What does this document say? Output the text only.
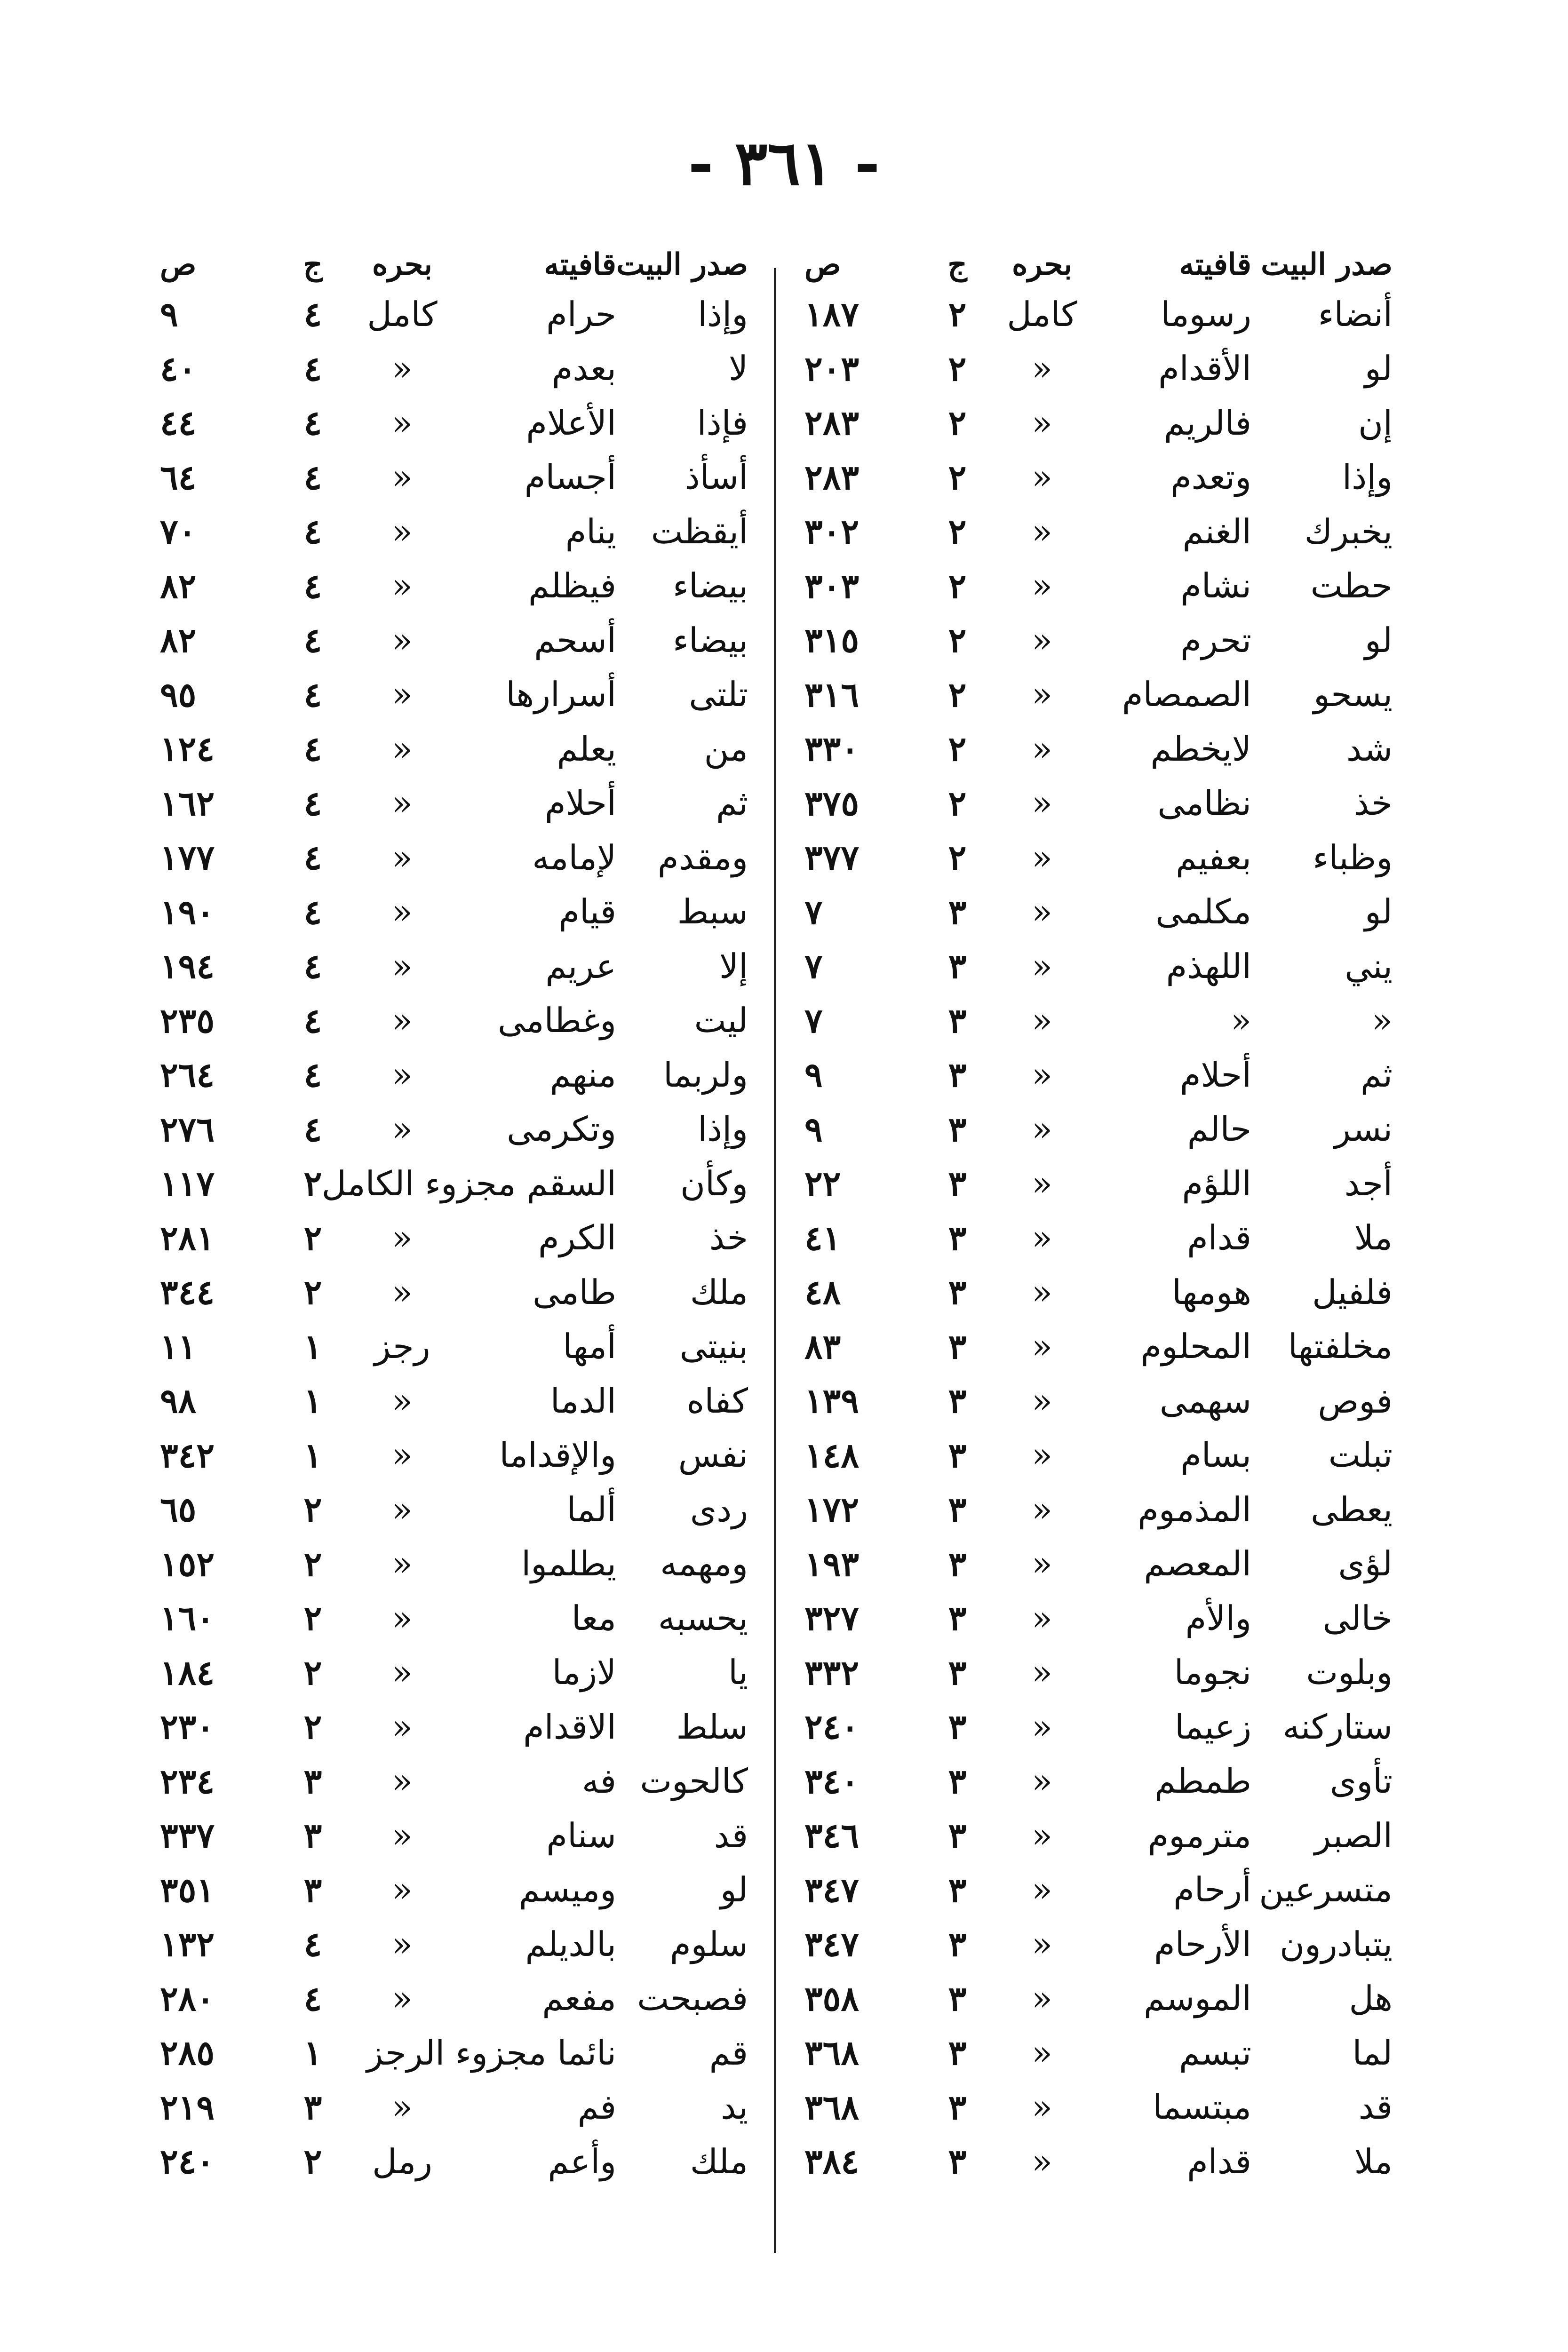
- ٣٦١ -
صدر البيت
قافيته
بحره
ج
ص
أنضاء
رسوما
كامل
٢
١٨٧
لو
الأقدام
«
٢
٢٠٣
إن
فالريم
«
٢
٢٨٣
وإذا
وتعدم
«
٢
٢٨٣
يخبرك
الغنم
«
٢
٣٠٢
حطت
نشام
«
٢
٣٠٣
لو
تحرم
«
٢
٣١٥
يسحو
الصمصام
«
٢
٣١٦
شد
لايخطم
«
٢
٣٣٠
خذ
نظامى
«
٢
٣٧٥
وظباء
بعفيم
«
٢
٣٧٧
لو
مكلمى
«
٣
٧
يني
اللهذم
«
٣
٧
«
«
«
٣
٧
ثم
أحلام
«
٣
٩
نسر
حالم
«
٣
٩
أجد
اللؤم
«
٣
٢٢
ملا
قدام
«
٣
٤١
فلفيل
هومها
«
٣
٤٨
مخلفتها
المحلوم
«
٣
٨٣
فوص
سهمى
«
٣
١٣٩
تبلت
بسام
«
٣
١٤٨
يعطى
المذموم
«
٣
١٧٢
لؤى
المعصم
«
٣
١٩٣
خالى
والأم
«
٣
٣٢٧
وبلوت
نجوما
«
٣
٣٣٢
ستاركنه
زعيما
«
٣
٢٤٠
تأوى
طمطم
«
٣
٣٤٠
الصبر
مترموم
«
٣
٣٤٦
متسرعين
أرحام
«
٣
٣٤٧
يتبادرون
الأرحام
«
٣
٣٤٧
هل
الموسم
«
٣
٣٥٨
لما
تبسم
«
٣
٣٦٨
قد
مبتسما
«
٣
٣٦٨
ملا
قدام
«
٣
٣٨٤
صدر البيت
قافيته
بحره
ج
ص
وإذا
حرام
كامل
٤
٩
لا
بعدم
«
٤
٤٠
فإذا
الأعلام
«
٤
٤٤
أسأذ
أجسام
«
٤
٦٤
أيقظت
ينام
«
٤
٧٠
بيضاء
فيظلم
«
٤
٨٢
بيضاء
أسحم
«
٤
٨٢
تلتى
أسرارها
«
٤
٩٥
من
يعلم
«
٤
١٢٤
ثم
أحلام
«
٤
١٦٢
ومقدم
لإمامه
«
٤
١٧٧
سبط
قيام
«
٤
١٩٠
إلا
عريم
«
٤
١٩٤
ليت
وغطامى
«
٤
٢٣٥
ولربما
منهم
«
٤
٢٦٤
وإذا
وتكرمى
«
٤
٢٧٦
وكأن
السقم مجزوء الكامل
٢
١١٧
خذ
الكرم
«
٢
٢٨١
ملك
طامى
«
٢
٣٤٤
بنيتى
أمها
رجز
١
١١
كفاه
الدما
«
١
٩٨
نفس
والإقداما
«
١
٣٤٢
ردى
ألما
«
٢
٦٥
ومهمه
يطلموا
«
٢
١٥٢
يحسبه
معا
«
٢
١٦٠
يا
لازما
«
٢
١٨٤
سلط
الاقدام
«
٢
٢٣٠
كالحوت
فه
«
٣
٢٣٤
قد
سنام
«
٣
٣٣٧
لو
وميسم
«
٣
٣٥١
سلوم
بالديلم
«
٤
١٣٢
فصبحت
مفعم
«
٤
٢٨٠
قم
نائما مجزوء الرجز
١
٢٨٥
يد
فم
«
٣
٢١٩
ملك
وأعم
رمل
٢
٢٤٠
